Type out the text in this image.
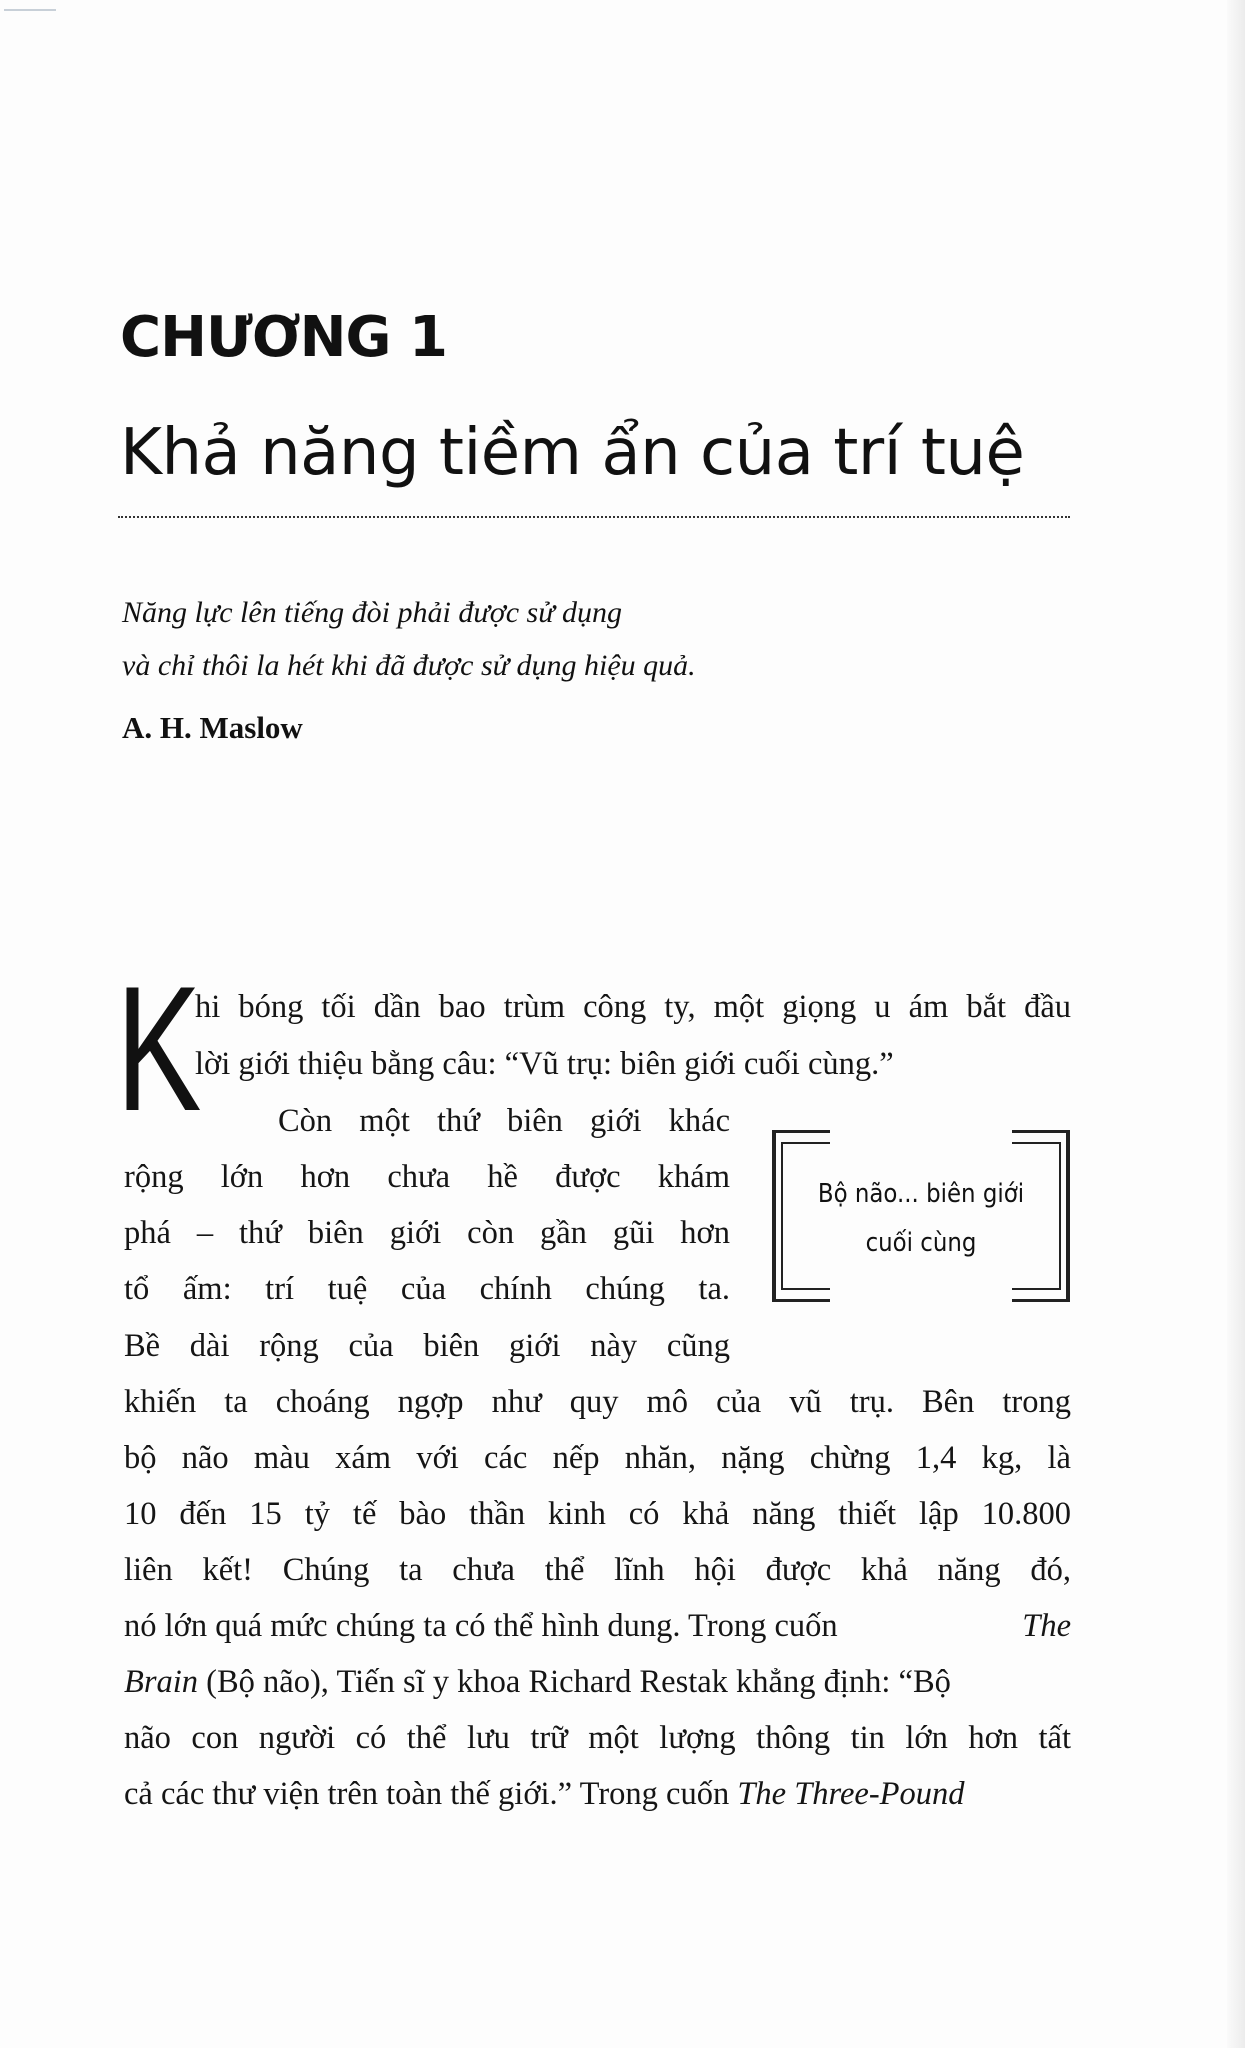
CHƯƠNG 1
Khả năng tiềm ẩn của trí tuệ
Năng lực lên tiếng đòi phải được sử dụng
và chỉ thôi la hét khi đã được sử dụng hiệu quả.
A. H. Maslow
K
hi bóng tối dần bao trùm công ty, một giọng u ám bắt đầu
lời giới thiệu bằng câu: “Vũ trụ: biên giới cuối cùng.”
Còn một thứ biên giới khác
rộng lớn hơn chưa hề được khám
phá – thứ biên giới còn gần gũi hơn
tổ ấm: trí tuệ của chính chúng ta.
Bề dài rộng của biên giới này cũng
khiến ta choáng ngợp như quy mô của vũ trụ. Bên trong
bộ não màu xám với các nếp nhăn, nặng chừng 1,4 kg, là
10 đến 15 tỷ tế bào thần kinh có khả năng thiết lập 10.800
liên kết! Chúng ta chưa thể lĩnh hội được khả năng đó,
nó lớn quá mức chúng ta có thể hình dung. Trong cuốn	The
Brain (Bộ não), Tiến sĩ y khoa Richard Restak khẳng định: “Bộ
não con người có thể lưu trữ một lượng thông tin lớn hơn tất
cả các thư viện trên toàn thế giới.” Trong cuốn The Three-Pound
Bộ não... biên giới
cuối cùng
